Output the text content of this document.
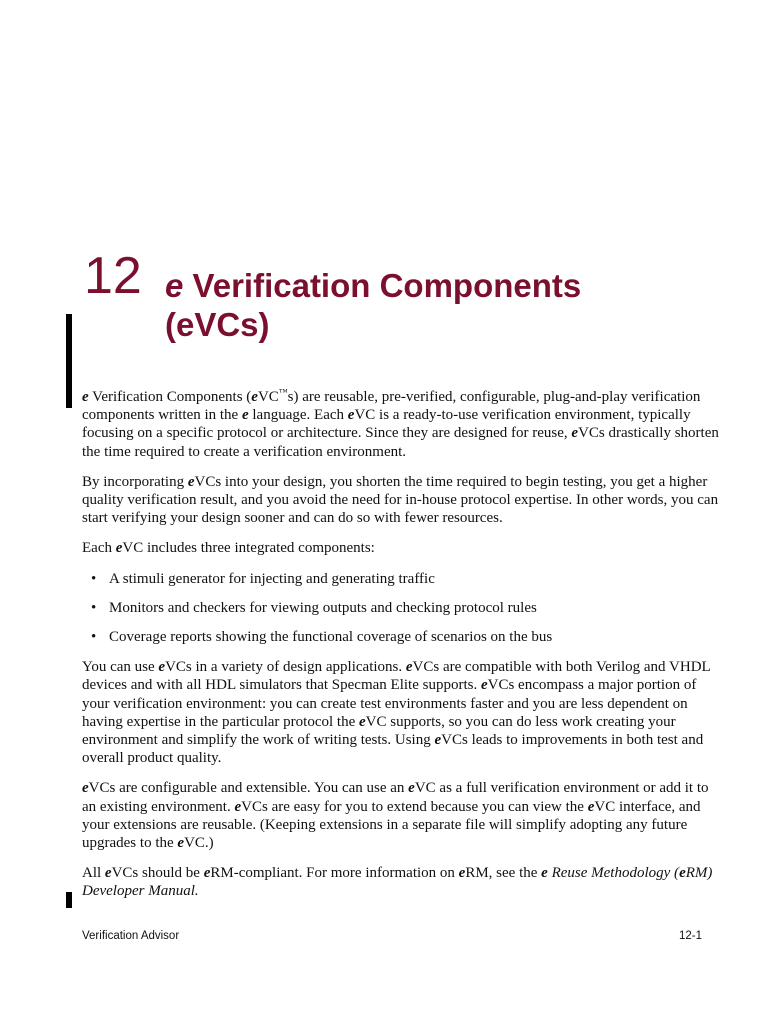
12 e Verification Components
(eVCs)

e Verification Components (eVC™s) are reusable, pre-verified, configurable, plug-and-play verification components written in the e language. Each eVC is a ready-to-use verification environment, typically focusing on a specific protocol or architecture. Since they are designed for reuse, eVCs drastically shorten the time required to create a verification environment.

By incorporating eVCs into your design, you shorten the time required to begin testing, you get a higher quality verification result, and you avoid the need for in-house protocol expertise. In other words, you can start verifying your design sooner and can do so with fewer resources.

Each eVC includes three integrated components:

• A stimuli generator for injecting and generating traffic
• Monitors and checkers for viewing outputs and checking protocol rules
• Coverage reports showing the functional coverage of scenarios on the bus

You can use eVCs in a variety of design applications. eVCs are compatible with both Verilog and VHDL devices and with all HDL simulators that Specman Elite supports. eVCs encompass a major portion of your verification environment: you can create test environments faster and you are less dependent on having expertise in the particular protocol the eVC supports, so you can do less work creating your environment and simplify the work of writing tests. Using eVCs leads to improvements in both test and overall product quality.

eVCs are configurable and extensible. You can use an eVC as a full verification environment or add it to an existing environment. eVCs are easy for you to extend because you can view the eVC interface, and your extensions are reusable. (Keeping extensions in a separate file will simplify adopting any future upgrades to the eVC.)

All eVCs should be eRM-compliant. For more information on eRM, see the e Reuse Methodology (eRM) Developer Manual.

Verification Advisor	12-1
